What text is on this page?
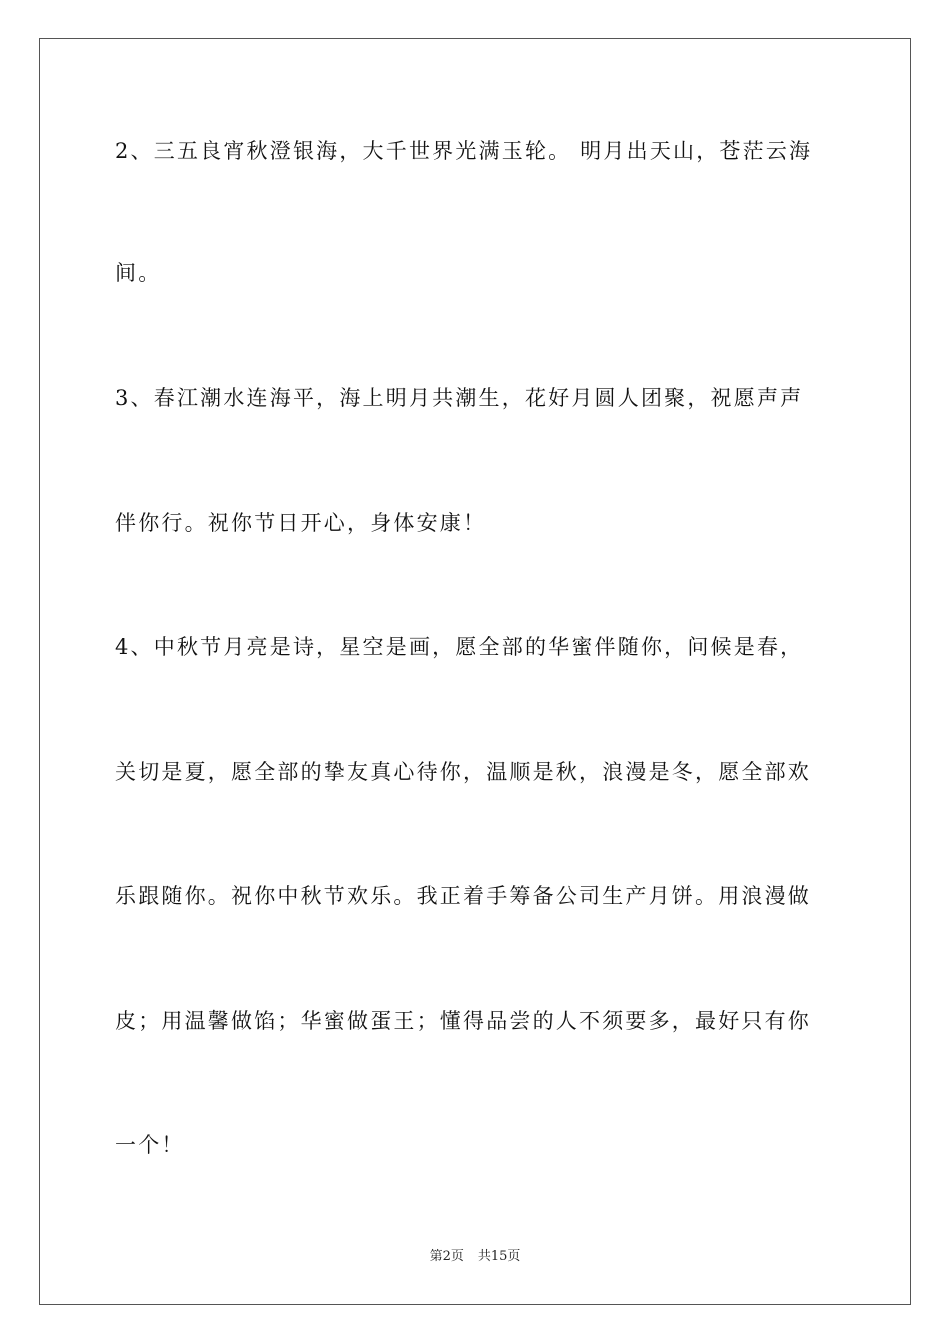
2、三五良宵秋澄银海，大千世界光满玉轮。 明月出天山，苍茫云海
间。
3、春江潮水连海平，海上明月共潮生，花好月圆人团聚，祝愿声声
伴你行。祝你节日开心，身体安康！
4、中秋节月亮是诗，星空是画，愿全部的华蜜伴随你，问候是春，
关切是夏，愿全部的挚友真心待你，温顺是秋，浪漫是冬，愿全部欢
乐跟随你。祝你中秋节欢乐。我正着手筹备公司生产月饼。用浪漫做
皮；用温馨做馅；华蜜做蛋王；懂得品尝的人不须要多，最好只有你
一个！
第2页 共15页
